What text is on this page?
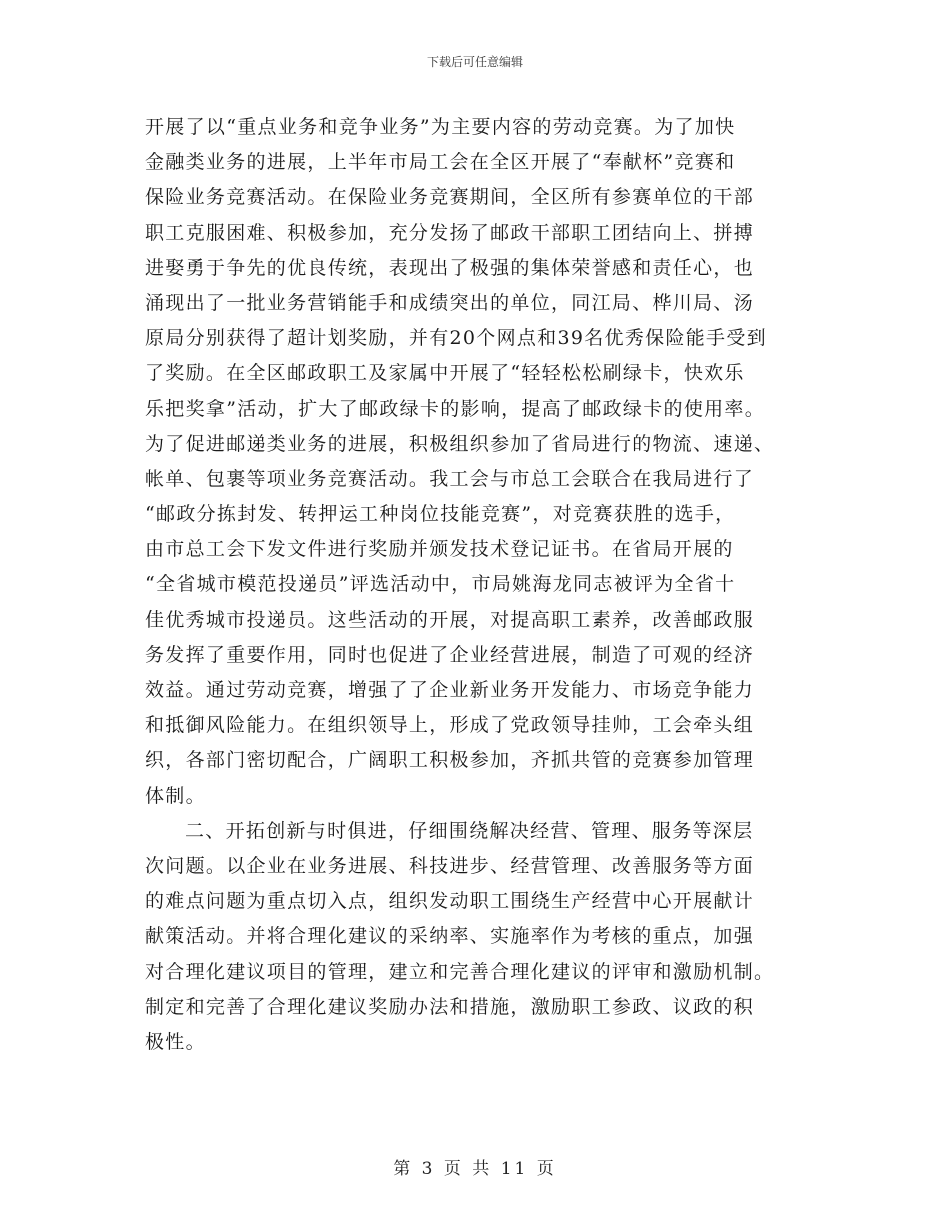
下载后可任意编辑
开展了以“重点业务和竞争业务”为主要内容的劳动竞赛。为了加快
金融类业务的进展，上半年市局工会在全区开展了“奉献杯”竞赛和
保险业务竞赛活动。在保险业务竞赛期间，全区所有参赛单位的干部
职工克服困难、积极参加，充分发扬了邮政干部职工团结向上、拼搏
进娶勇于争先的优良传统，表现出了极强的集体荣誉感和责任心，也
涌现出了一批业务营销能手和成绩突出的单位，同江局、桦川局、汤
原局分别获得了超计划奖励，并有20个网点和39名优秀保险能手受到
了奖励。在全区邮政职工及家属中开展了“轻轻松松刷绿卡，快欢乐
乐把奖拿”活动，扩大了邮政绿卡的影响，提高了邮政绿卡的使用率。
为了促进邮递类业务的进展，积极组织参加了省局进行的物流、速递、
帐单、包裹等项业务竞赛活动。我工会与市总工会联合在我局进行了
“邮政分拣封发、转押运工种岗位技能竞赛”，对竞赛获胜的选手，
由市总工会下发文件进行奖励并颁发技术登记证书。在省局开展的
“全省城市模范投递员”评选活动中，市局姚海龙同志被评为全省十
佳优秀城市投递员。这些活动的开展，对提高职工素养，改善邮政服
务发挥了重要作用，同时也促进了企业经营进展，制造了可观的经济
效益。通过劳动竞赛，增强了了企业新业务开发能力、市场竞争能力
和抵御风险能力。在组织领导上，形成了党政领导挂帅，工会牵头组
织，各部门密切配合，广阔职工积极参加，齐抓共管的竞赛参加管理
体制。
二、开拓创新与时俱进，仔细围绕解决经营、管理、服务等深层
次问题。以企业在业务进展、科技进步、经营管理、改善服务等方面
的难点问题为重点切入点，组织发动职工围绕生产经营中心开展献计
献策活动。并将合理化建议的采纳率、实施率作为考核的重点，加强
对合理化建议项目的管理，建立和完善合理化建议的评审和激励机制。
制定和完善了合理化建议奖励办法和措施，激励职工参政、议政的积
极性。
第 3 页 共 11 页
